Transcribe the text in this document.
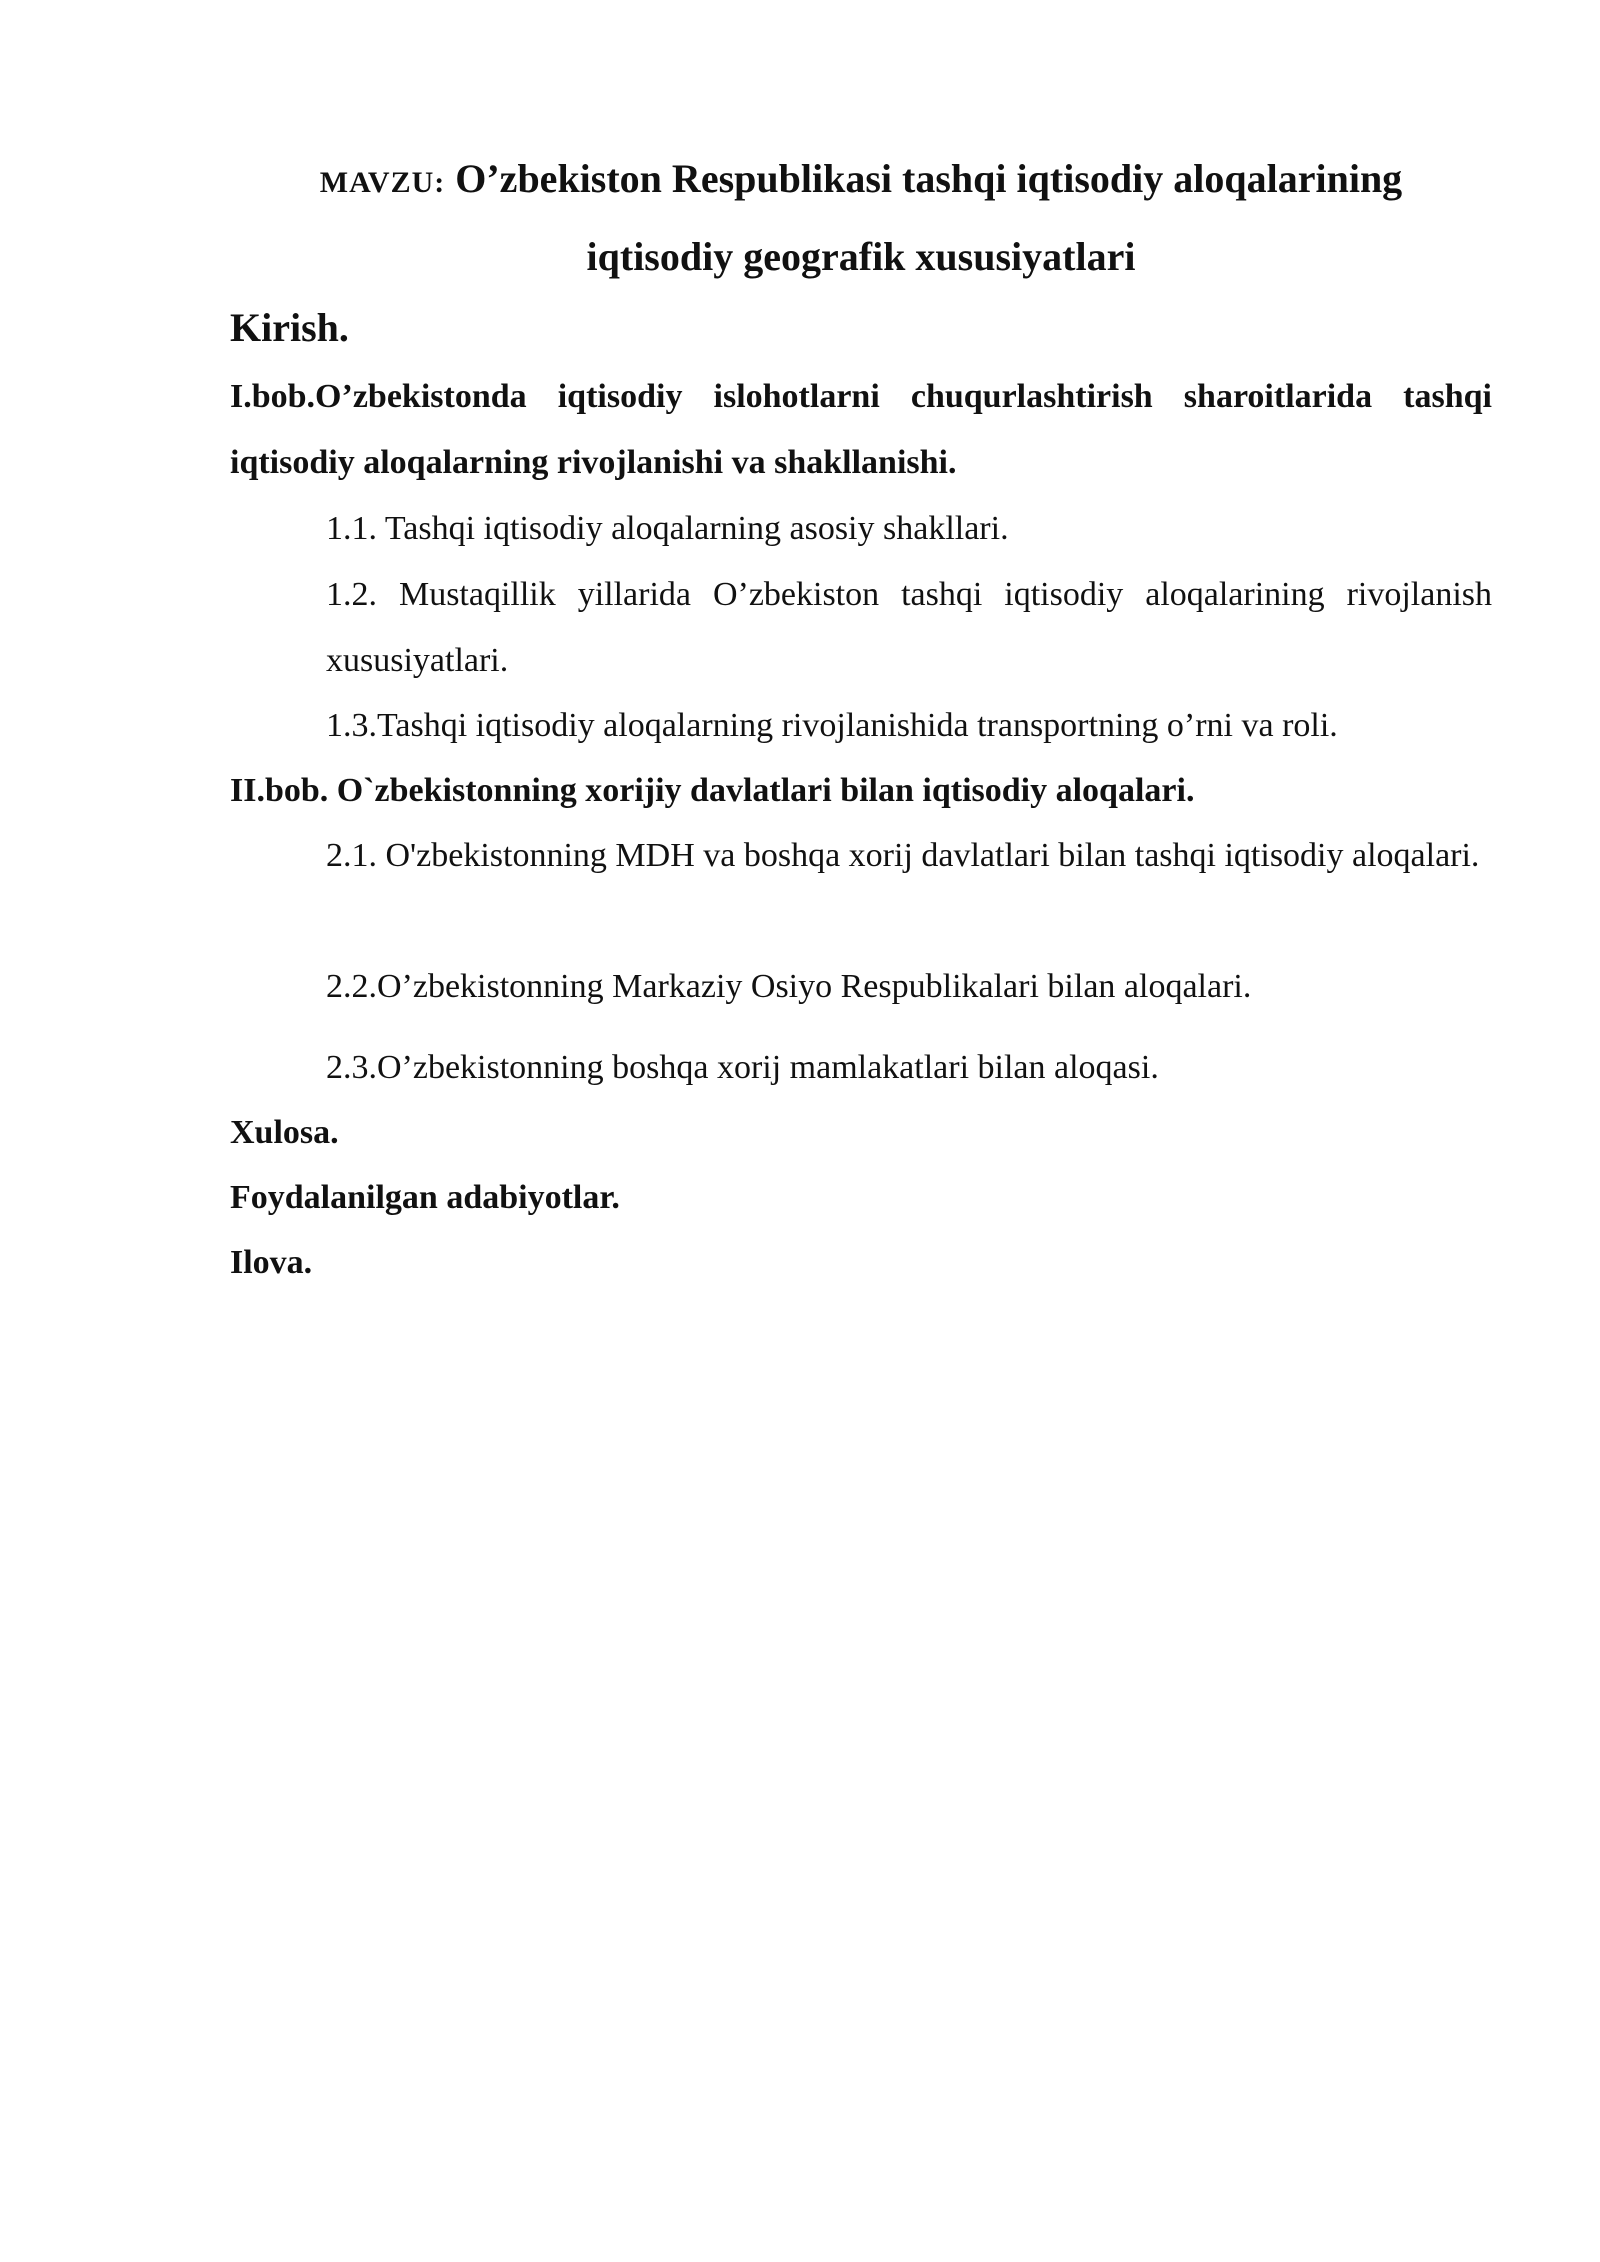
MAVZU: O’zbekiston Respublikasi tashqi iqtisodiy aloqalarining
iqtisodiy geografik xususiyatlari
Kirish.
I.bob.O’zbekistonda iqtisodiy islohotlarni chuqurlashtirish sharoitlarida tashqi iqtisodiy aloqalarning rivojlanishi va shakllanishi.
1.1. Tashqi iqtisodiy aloqalarning asosiy shakllari.
1.2. Mustaqillik yillarida O’zbekiston tashqi iqtisodiy aloqalarining rivojlanish xususiyatlari.
1.3.Tashqi iqtisodiy aloqalarning rivojlanishida transportning o’rni va roli.
II.bob. O`zbekistonning xorijiy davlatlari bilan iqtisodiy aloqalari.
2.1. O'zbekistonning MDH va boshqa xorij davlatlari bilan tashqi iqtisodiy aloqalari.
2.2.O’zbekistonning Markaziy Osiyo Respublikalari bilan aloqalari.
2.3.O’zbekistonning boshqa xorij mamlakatlari bilan aloqasi.
Xulosa.
Foydalanilgan adabiyotlar.
Ilova.
